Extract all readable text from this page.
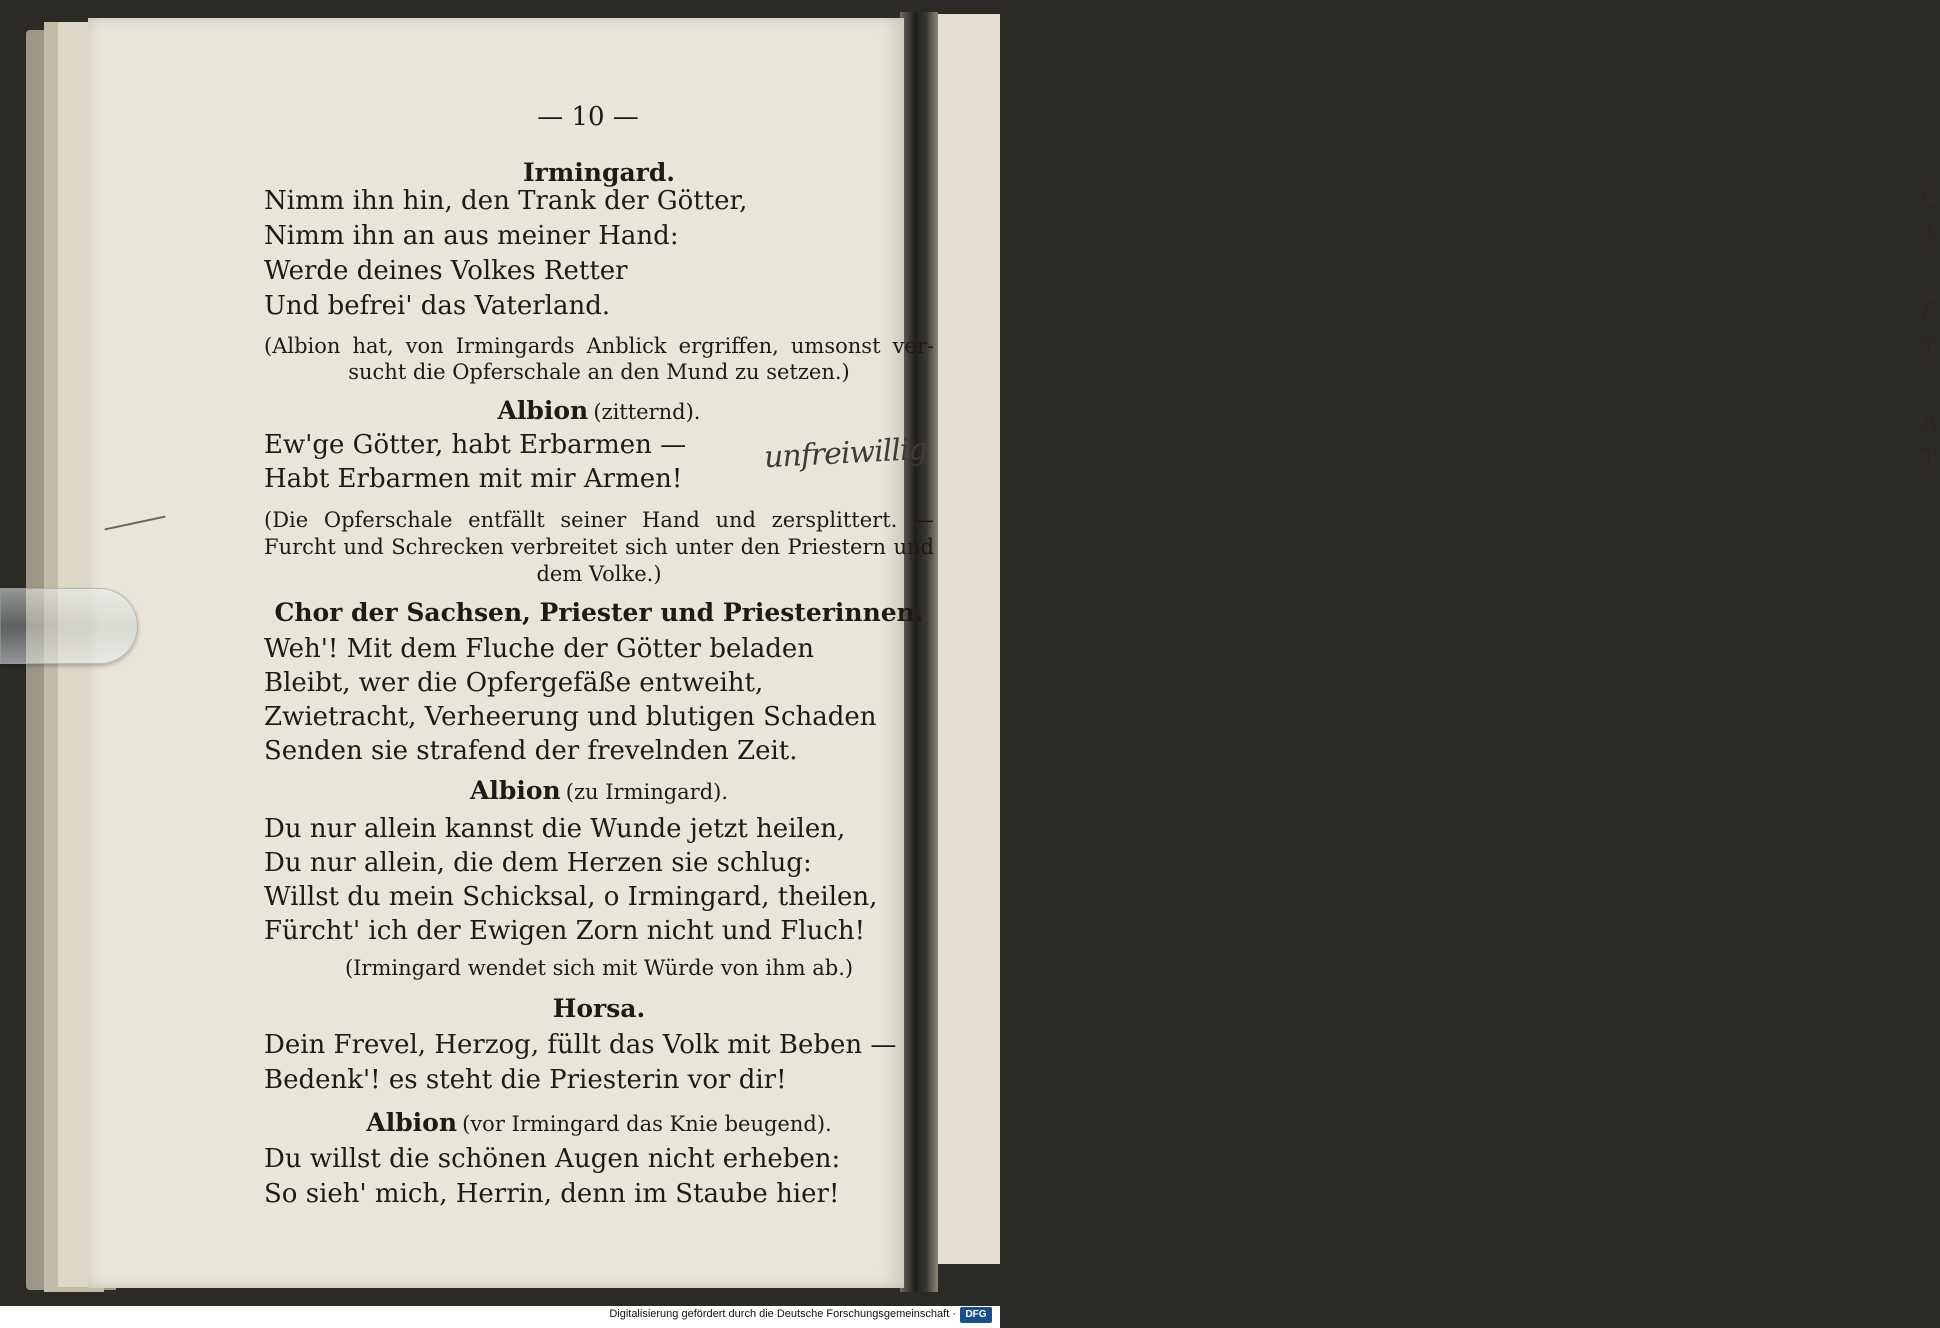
C
A
F
T
A
T
— 10 —
Irmingard.
Nimm ihn hin, den Trank der Götter,
Nimm ihn an aus meiner Hand:
Werde deines Volkes Retter
Und befrei' das Vaterland.
(Albion hat, von Irmingards Anblick ergriffen, umsonst ver-
sucht die Opferschale an den Mund zu setzen.)
Albion (zitternd).
Ew'ge Götter, habt Erbarmen —
Habt Erbarmen mit mir Armen!
(Die Opferschale entfällt seiner Hand und zersplittert. —
Furcht und Schrecken verbreitet sich unter den Priestern und
dem Volke.)
Chor der Sachsen, Priester und Priesterinnen.
Weh'! Mit dem Fluche der Götter beladen
Bleibt, wer die Opfergefäße entweiht,
Zwietracht, Verheerung und blutigen Schaden
Senden sie strafend der frevelnden Zeit.
Albion (zu Irmingard).
Du nur allein kannst die Wunde jetzt heilen,
Du nur allein, die dem Herzen sie schlug:
Willst du mein Schicksal, o Irmingard, theilen,
Fürcht' ich der Ewigen Zorn nicht und Fluch!
(Irmingard wendet sich mit Würde von ihm ab.)
Horsa.
Dein Frevel, Herzog, füllt das Volk mit Beben —
Bedenk'! es steht die Priesterin vor dir!
Albion (vor Irmingard das Knie beugend).
Du willst die schönen Augen nicht erheben:
So sieh' mich, Herrin, denn im Staube hier!
unfreiwillig
Digitalisierung gefördert durch die Deutsche Forschungsgemeinschaft · DFG
